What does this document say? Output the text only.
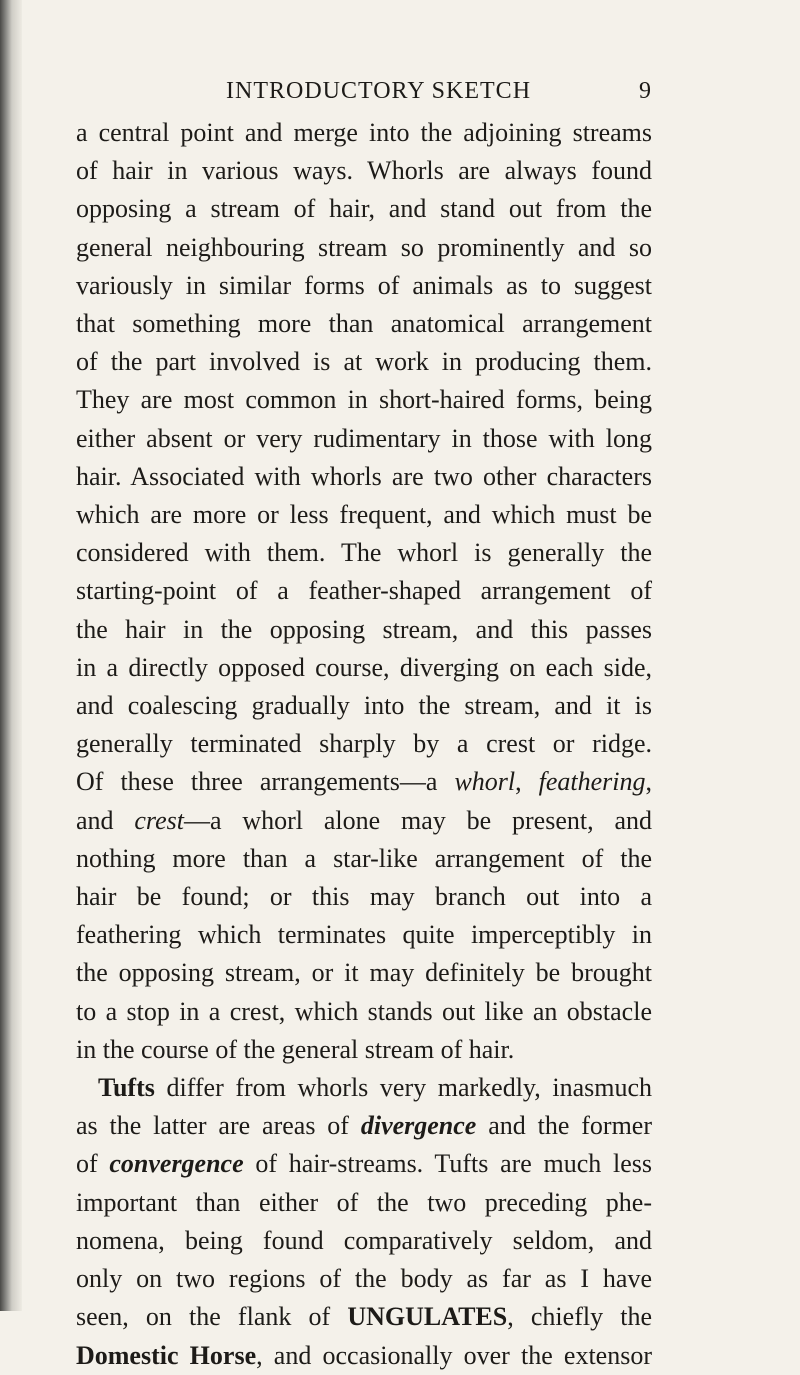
INTRODUCTORY SKETCH	9
a central point and merge into the adjoining streams
of hair in various ways. Whorls are always found
opposing a stream of hair, and stand out from the
general neighbouring stream so prominently and so
variously in similar forms of animals as to suggest
that something more than anatomical arrangement
of the part involved is at work in producing them.
They are most common in short-haired forms, being
either absent or very rudimentary in those with long
hair. Associated with whorls are two other characters
which are more or less frequent, and which must be
considered with them. The whorl is generally the
starting-point of a feather-shaped arrangement of
the hair in the opposing stream, and this passes
in a directly opposed course, diverging on each side,
and coalescing gradually into the stream, and it is
generally terminated sharply by a crest or ridge.
Of these three arrangements—a whorl, feathering,
and crest—a whorl alone may be present, and
nothing more than a star-like arrangement of the
hair be found; or this may branch out into a
feathering which terminates quite imperceptibly in
the opposing stream, or it may definitely be brought
to a stop in a crest, which stands out like an obstacle
in the course of the general stream of hair.
Tufts differ from whorls very markedly, inasmuch
as the latter are areas of divergence and the former
of convergence of hair-streams. Tufts are much less
important than either of the two preceding phe-
nomena, being found comparatively seldom, and
only on two regions of the body as far as I have
seen, on the flank of UNGULATES, chiefly the
Domestic Horse, and occasionally over the extensor
